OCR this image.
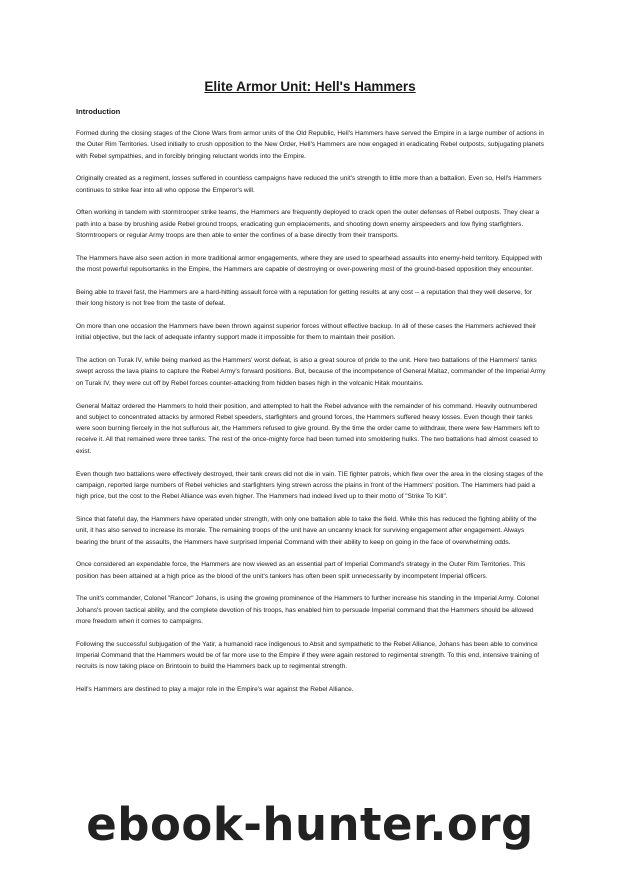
Elite Armor Unit: Hell's Hammers
Introduction

Formed during the closing stages of the Clone Wars from armor units of the Old Republic, Hell's Hammers have served the Empire in a large number of actions in the Outer Rim Territories. Used initially to crush opposition to the New Order, Hell's Hammers are now engaged in eradicating Rebel outposts, subjugating planets with Rebel sympathies, and in forcibly bringing reluctant worlds into the Empire.

Originally created as a regiment, losses suffered in countless campaigns have reduced the unit's strength to little more than a battalion. Even so, Hell's Hammers continues to strike fear into all who oppose the Emperor's will.

Often working in tandem with stormtrooper strike teams, the Hammers are frequently deployed to crack open the outer defenses of Rebel outposts. They clear a path into a base by brushing aside Rebel ground troops, eradicating gun emplacements, and shooting down enemy airspeeders and low flying starfighters. Stormtroopers or regular Army troops are then able to enter the confines of a base directly from their transports.

The Hammers have also seen action in more traditional armor engagements, where they are used to spearhead assaults into enemy-held territory. Equipped with the most powerful repulsortanks in the Empire, the Hammers are capable of destroying or over-powering most of the ground-based opposition they encounter.

Being able to travel fast, the Hammers are a hard-hitting assault force with a reputation for getting results at any cost -- a reputation that they well deserve, for their long history is not free from the taste of defeat.

On more than one occasion the Hammers have been thrown against superior forces without effective backup. In all of these cases the Hammers achieved their initial objective, but the lack of adequate infantry support made it impossible for them to maintain their position.

The action on Turak IV, while being marked as the Hammers' worst defeat, is also a great source of pride to the unit. Here two battalions of the Hammers' tanks swept across the lava plains to capture the Rebel Army's forward positions. But, because of the incompetence of General Maltaz, commander of the Imperial Army on Turak IV, they were cut off by Rebel forces counter-attacking from hidden bases high in the volcanic Hitak mountains.

General Maltaz ordered the Hammers to hold their position, and attempted to halt the Rebel advance with the remainder of his command. Heavily outnumbered and subject to concentrated attacks by armored Rebel speeders, starfighters and ground forces, the Hammers suffered heavy losses. Even though their tanks were soon burning fiercely in the hot sulfurous air, the Hammers refused to give ground. By the time the order came to withdraw, there were few Hammers left to receive it. All that remained were three tanks. The rest of the once-mighty force had been turned into smoldering hulks. The two battalions had almost ceased to exist.

Even though two battalions were effectively destroyed, their tank crews did not die in vain. TIE fighter patrols, which flew over the area in the closing stages of the campaign, reported large numbers of Rebel vehicles and starfighters lying strewn across the plains in front of the Hammers' position. The Hammers had paid a high price, but the cost to the Rebel Alliance was even higher. The Hammers had indeed lived up to their motto of "Strike To Kill".

Since that fateful day, the Hammers have operated under strength, with only one battalion able to take the field. While this has reduced the fighting ability of the unit, it has also served to increase its morale. The remaining troops of the unit have an uncanny knack for surviving engagement after engagement. Always bearing the brunt of the assaults, the Hammers have surprised Imperial Command with their ability to keep on going in the face of overwhelming odds.

Once considered an expendable force, the Hammers are now viewed as an essential part of Imperial Command's strategy in the Outer Rim Territories. This position has been attained at a high price as the blood of the unit's tankers has often been spilt unnecessarily by incompetent Imperial officers.

The unit's commander, Colonel "Rancor" Johans, is using the growing prominence of the Hammers to further increase his standing in the Imperial Army. Colonel Johans's proven tactical ability, and the complete devotion of his troops, has enabled him to persuade Imperial command that the Hammers should be allowed more freedom when it comes to campaigns.

Following the successful subjugation of the Yatir, a humanoid race indigenous to Absit and sympathetic to the Rebel Alliance, Johans has been able to convince Imperial Command that the Hammers would be of far more use to the Empire if they were again restored to regimental strength. To this end, intensive training of recruits is now taking place on Brintooin to build the Hammers back up to regimental strength.

Hell's Hammers are destined to play a major role in the Empire's war against the Rebel Alliance.

ebook-hunter.org
